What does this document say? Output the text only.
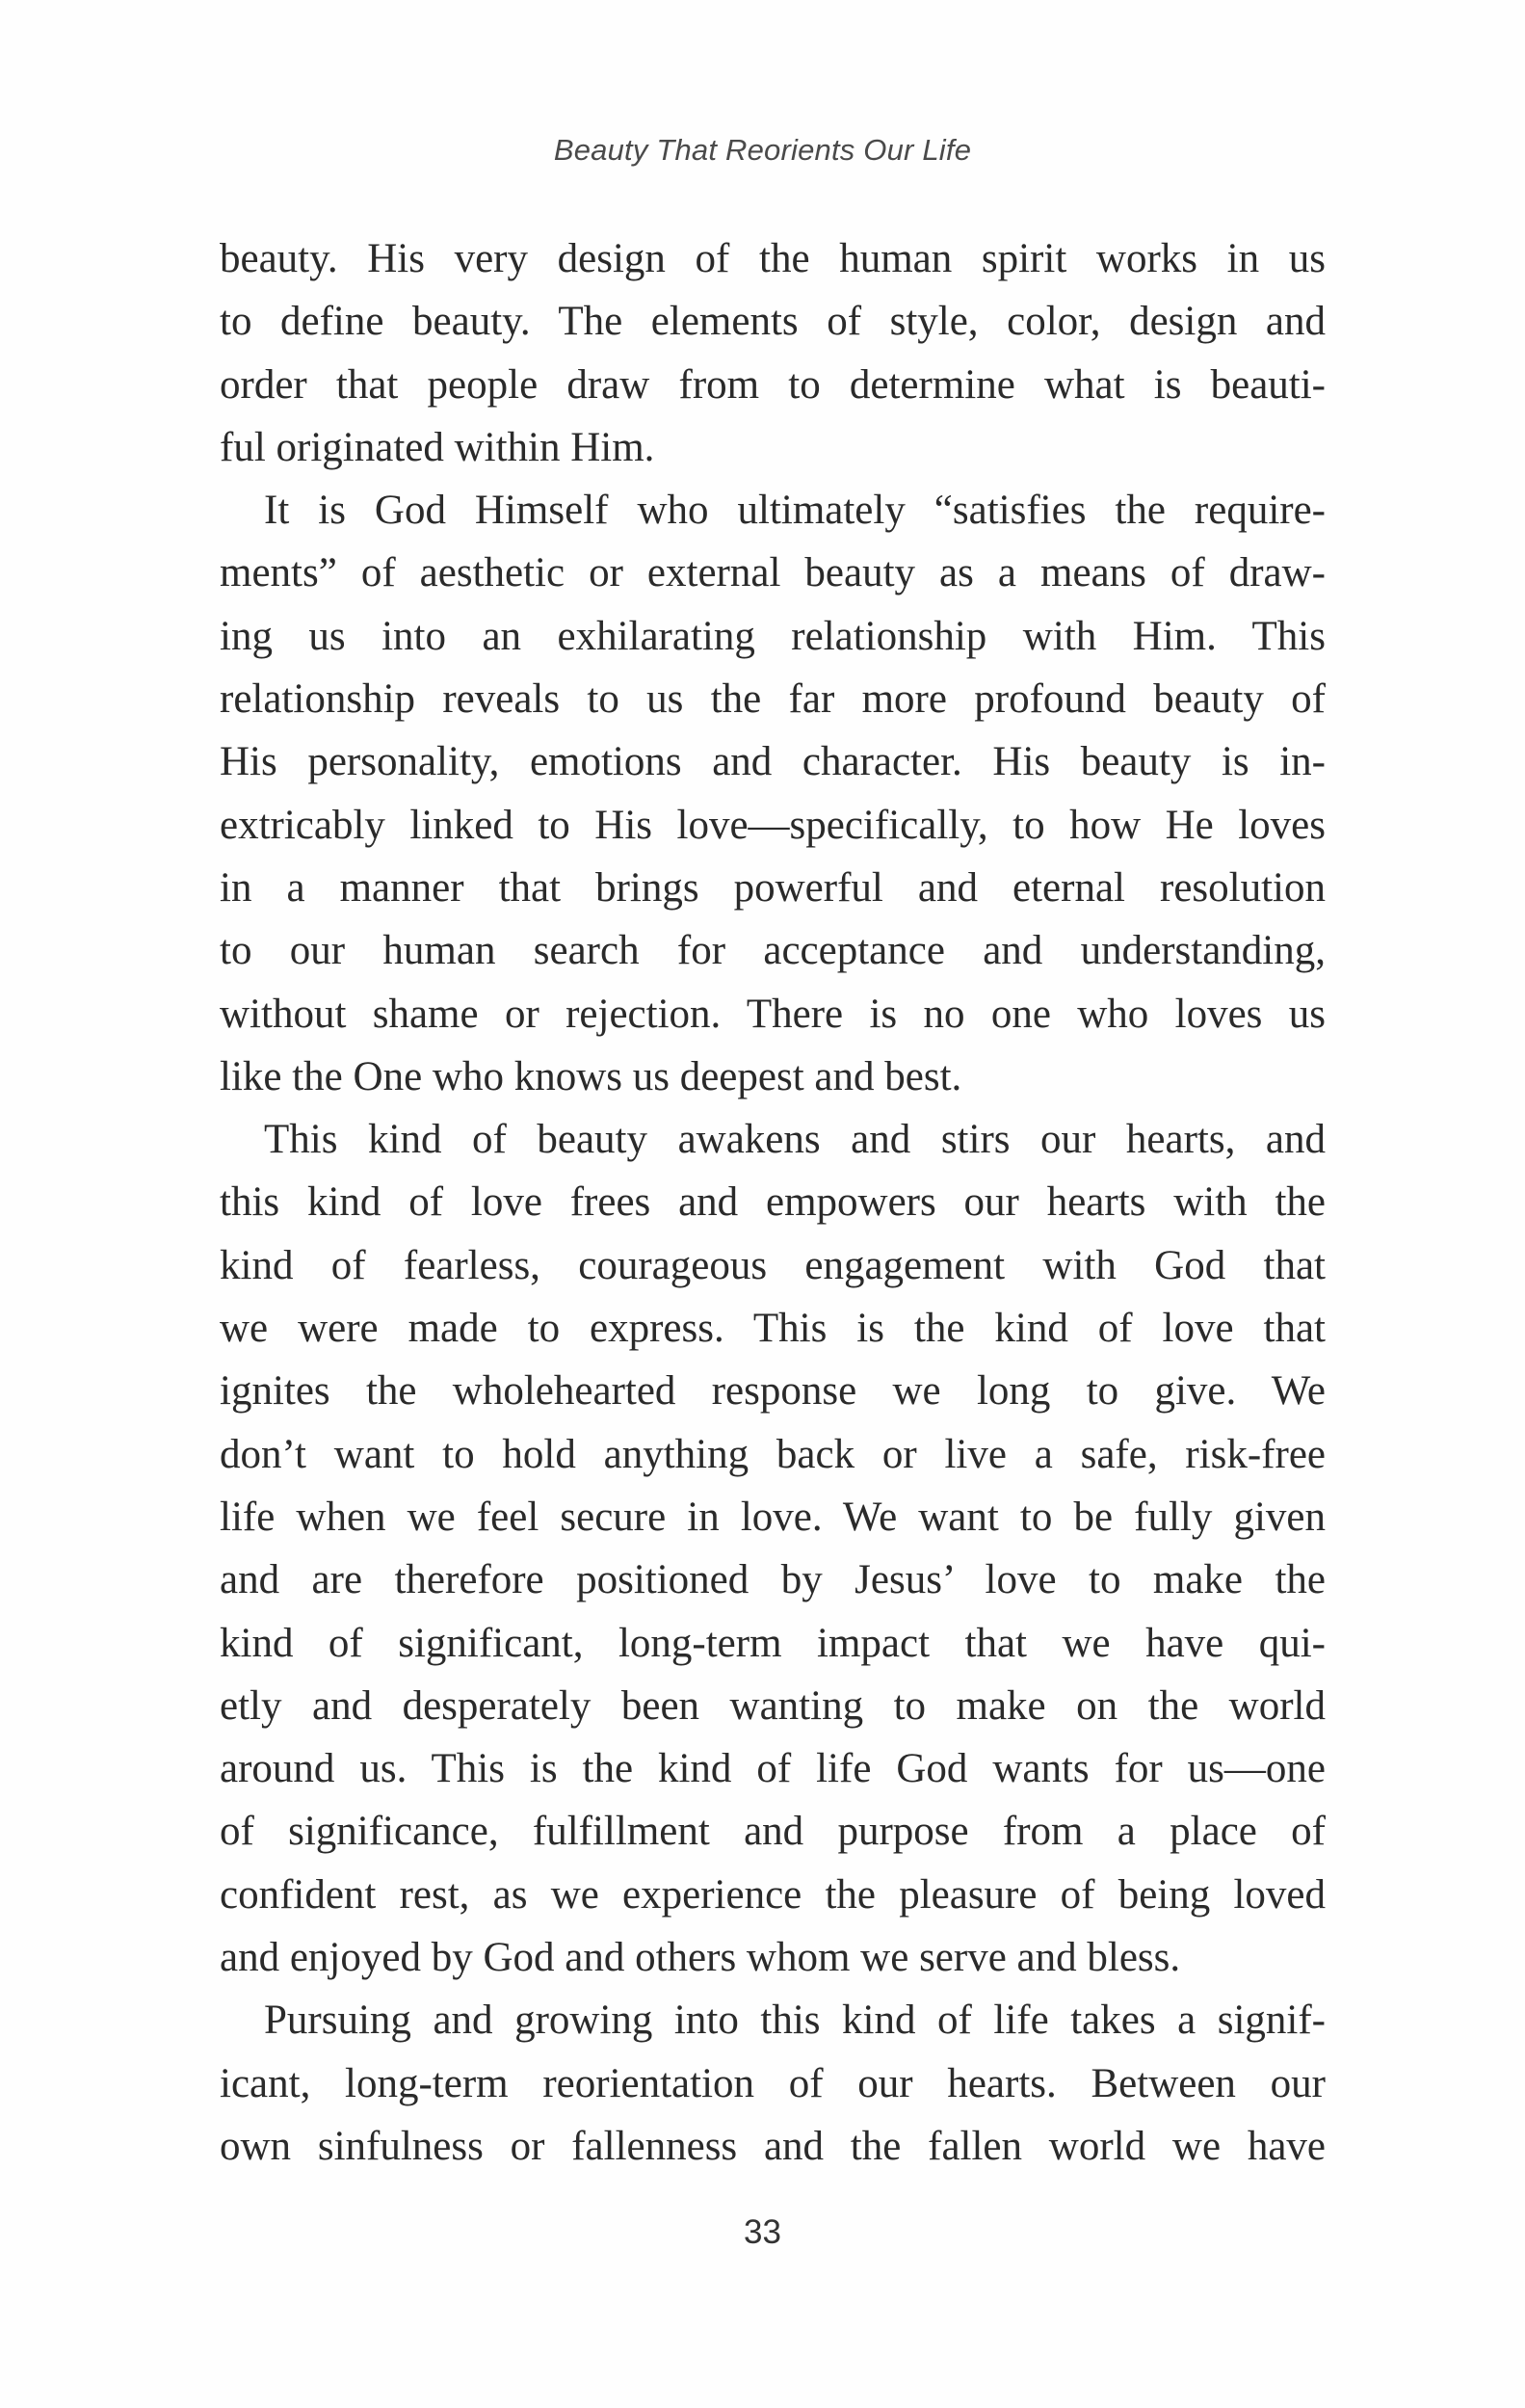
Beauty That Reorients Our Life

beauty. His very design of the human spirit works in us
to define beauty. The elements of style, color, design and
order that people draw from to determine what is beauti-
ful originated within Him.

It is God Himself who ultimately “satisfies the require-
ments” of aesthetic or external beauty as a means of draw-
ing us into an exhilarating relationship with Him. This
relationship reveals to us the far more profound beauty of
His personality, emotions and character. His beauty is in-
extricably linked to His love—specifically, to how He loves
in a manner that brings powerful and eternal resolution
to our human search for acceptance and understanding,
without shame or rejection. There is no one who loves us
like the One who knows us deepest and best.

This kind of beauty awakens and stirs our hearts, and
this kind of love frees and empowers our hearts with the
kind of fearless, courageous engagement with God that
we were made to express. This is the kind of love that
ignites the wholehearted response we long to give. We
don’t want to hold anything back or live a safe, risk-free
life when we feel secure in love. We want to be fully given
and are therefore positioned by Jesus’ love to make the
kind of significant, long-term impact that we have qui-
etly and desperately been wanting to make on the world
around us. This is the kind of life God wants for us—one
of significance, fulfillment and purpose from a place of
confident rest, as we experience the pleasure of being loved
and enjoyed by God and others whom we serve and bless.

Pursuing and growing into this kind of life takes a signif-
icant, long-term reorientation of our hearts. Between our
own sinfulness or fallenness and the fallen world we have

33
